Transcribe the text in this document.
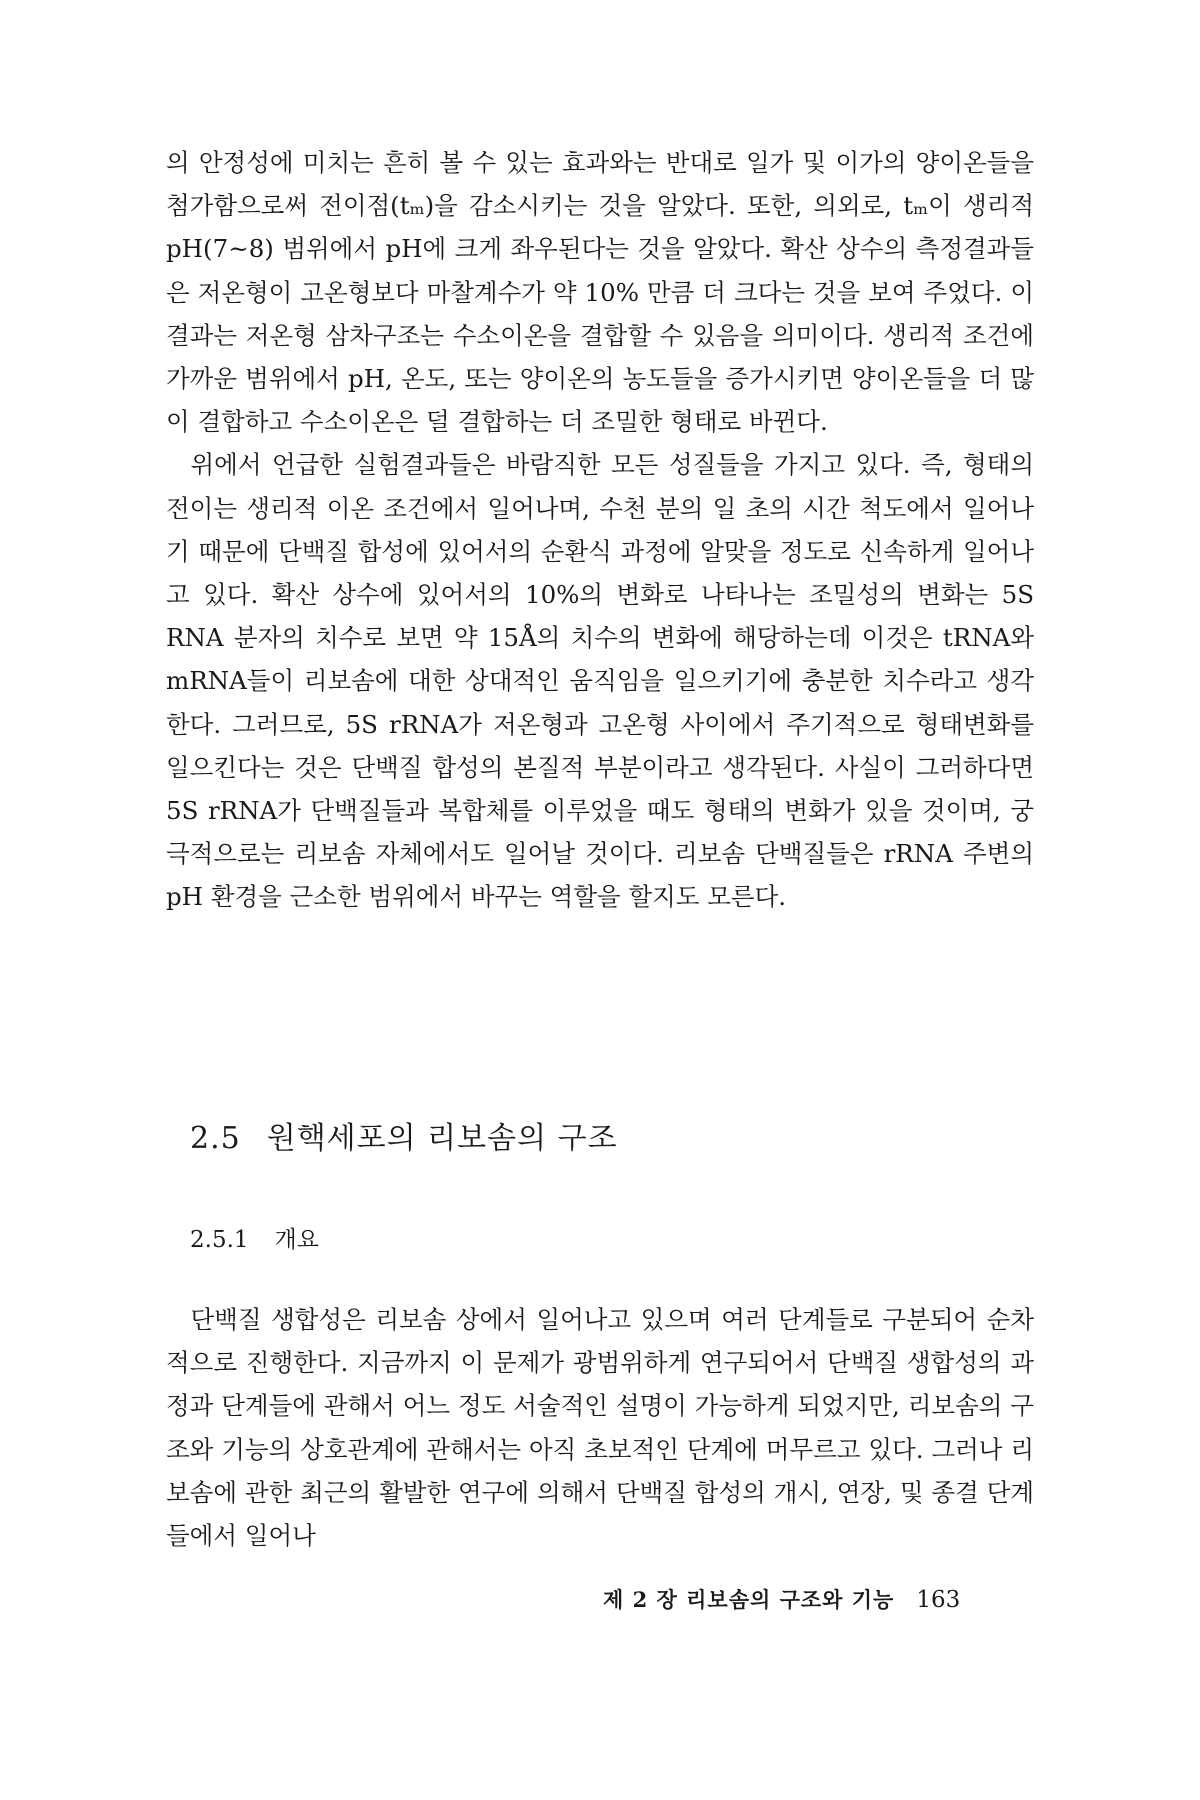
의 안정성에 미치는 흔히 볼 수 있는 효과와는 반대로 일가 및 이가의 양이온들을 첨가함으로써 전이점(tₘ)을 감소시키는 것을 알았다. 또한, 의외로, tₘ이 생리적 pH(7~8) 범위에서 pH에 크게 좌우된다는 것을 알았다. 확산 상수의 측정결과들은 저온형이 고온형보다 마찰계수가 약 10% 만큼 더 크다는 것을 보여 주었다. 이 결과는 저온형 삼차구조는 수소이온을 결합할 수 있음을 의미이다. 생리적 조건에 가까운 범위에서 pH, 온도, 또는 양이온의 농도들을 증가시키면 양이온들을 더 많이 결합하고 수소이온은 덜 결합하는 더 조밀한 형태로 바뀐다.

위에서 언급한 실험결과들은 바람직한 모든 성질들을 가지고 있다. 즉, 형태의 전이는 생리적 이온 조건에서 일어나며, 수천 분의 일 초의 시간 척도에서 일어나기 때문에 단백질 합성에 있어서의 순환식 과정에 알맞을 정도로 신속하게 일어나고 있다. 확산 상수에 있어서의 10%의 변화로 나타나는 조밀성의 변화는 5S RNA 분자의 치수로 보면 약 15Å의 치수의 변화에 해당하는데 이것은 tRNA와 mRNA들이 리보솜에 대한 상대적인 움직임을 일으키기에 충분한 치수라고 생각한다. 그러므로, 5S rRNA가 저온형과 고온형 사이에서 주기적으로 형태변화를 일으킨다는 것은 단백질 합성의 본질적 부분이라고 생각된다. 사실이 그러하다면 5S rRNA가 단백질들과 복합체를 이루었을 때도 형태의 변화가 있을 것이며, 궁극적으로는 리보솜 자체에서도 일어날 것이다. 리보솜 단백질들은 rRNA 주변의 pH 환경을 근소한 범위에서 바꾸는 역할을 할지도 모른다.

2.5 원핵세포의 리보솜의 구조
2.5.1 개요

단백질 생합성은 리보솜 상에서 일어나고 있으며 여러 단계들로 구분되어 순차적으로 진행한다. 지금까지 이 문제가 광범위하게 연구되어서 단백질 생합성의 과정과 단계들에 관해서 어느 정도 서술적인 설명이 가능하게 되었지만, 리보솜의 구조와 기능의 상호관계에 관해서는 아직 초보적인 단계에 머무르고 있다. 그러나 리보솜에 관한 최근의 활발한 연구에 의해서 단백질 합성의 개시, 연장, 및 종결 단계들에서 일어나

제 2 장 리보솜의 구조와 기능 163
